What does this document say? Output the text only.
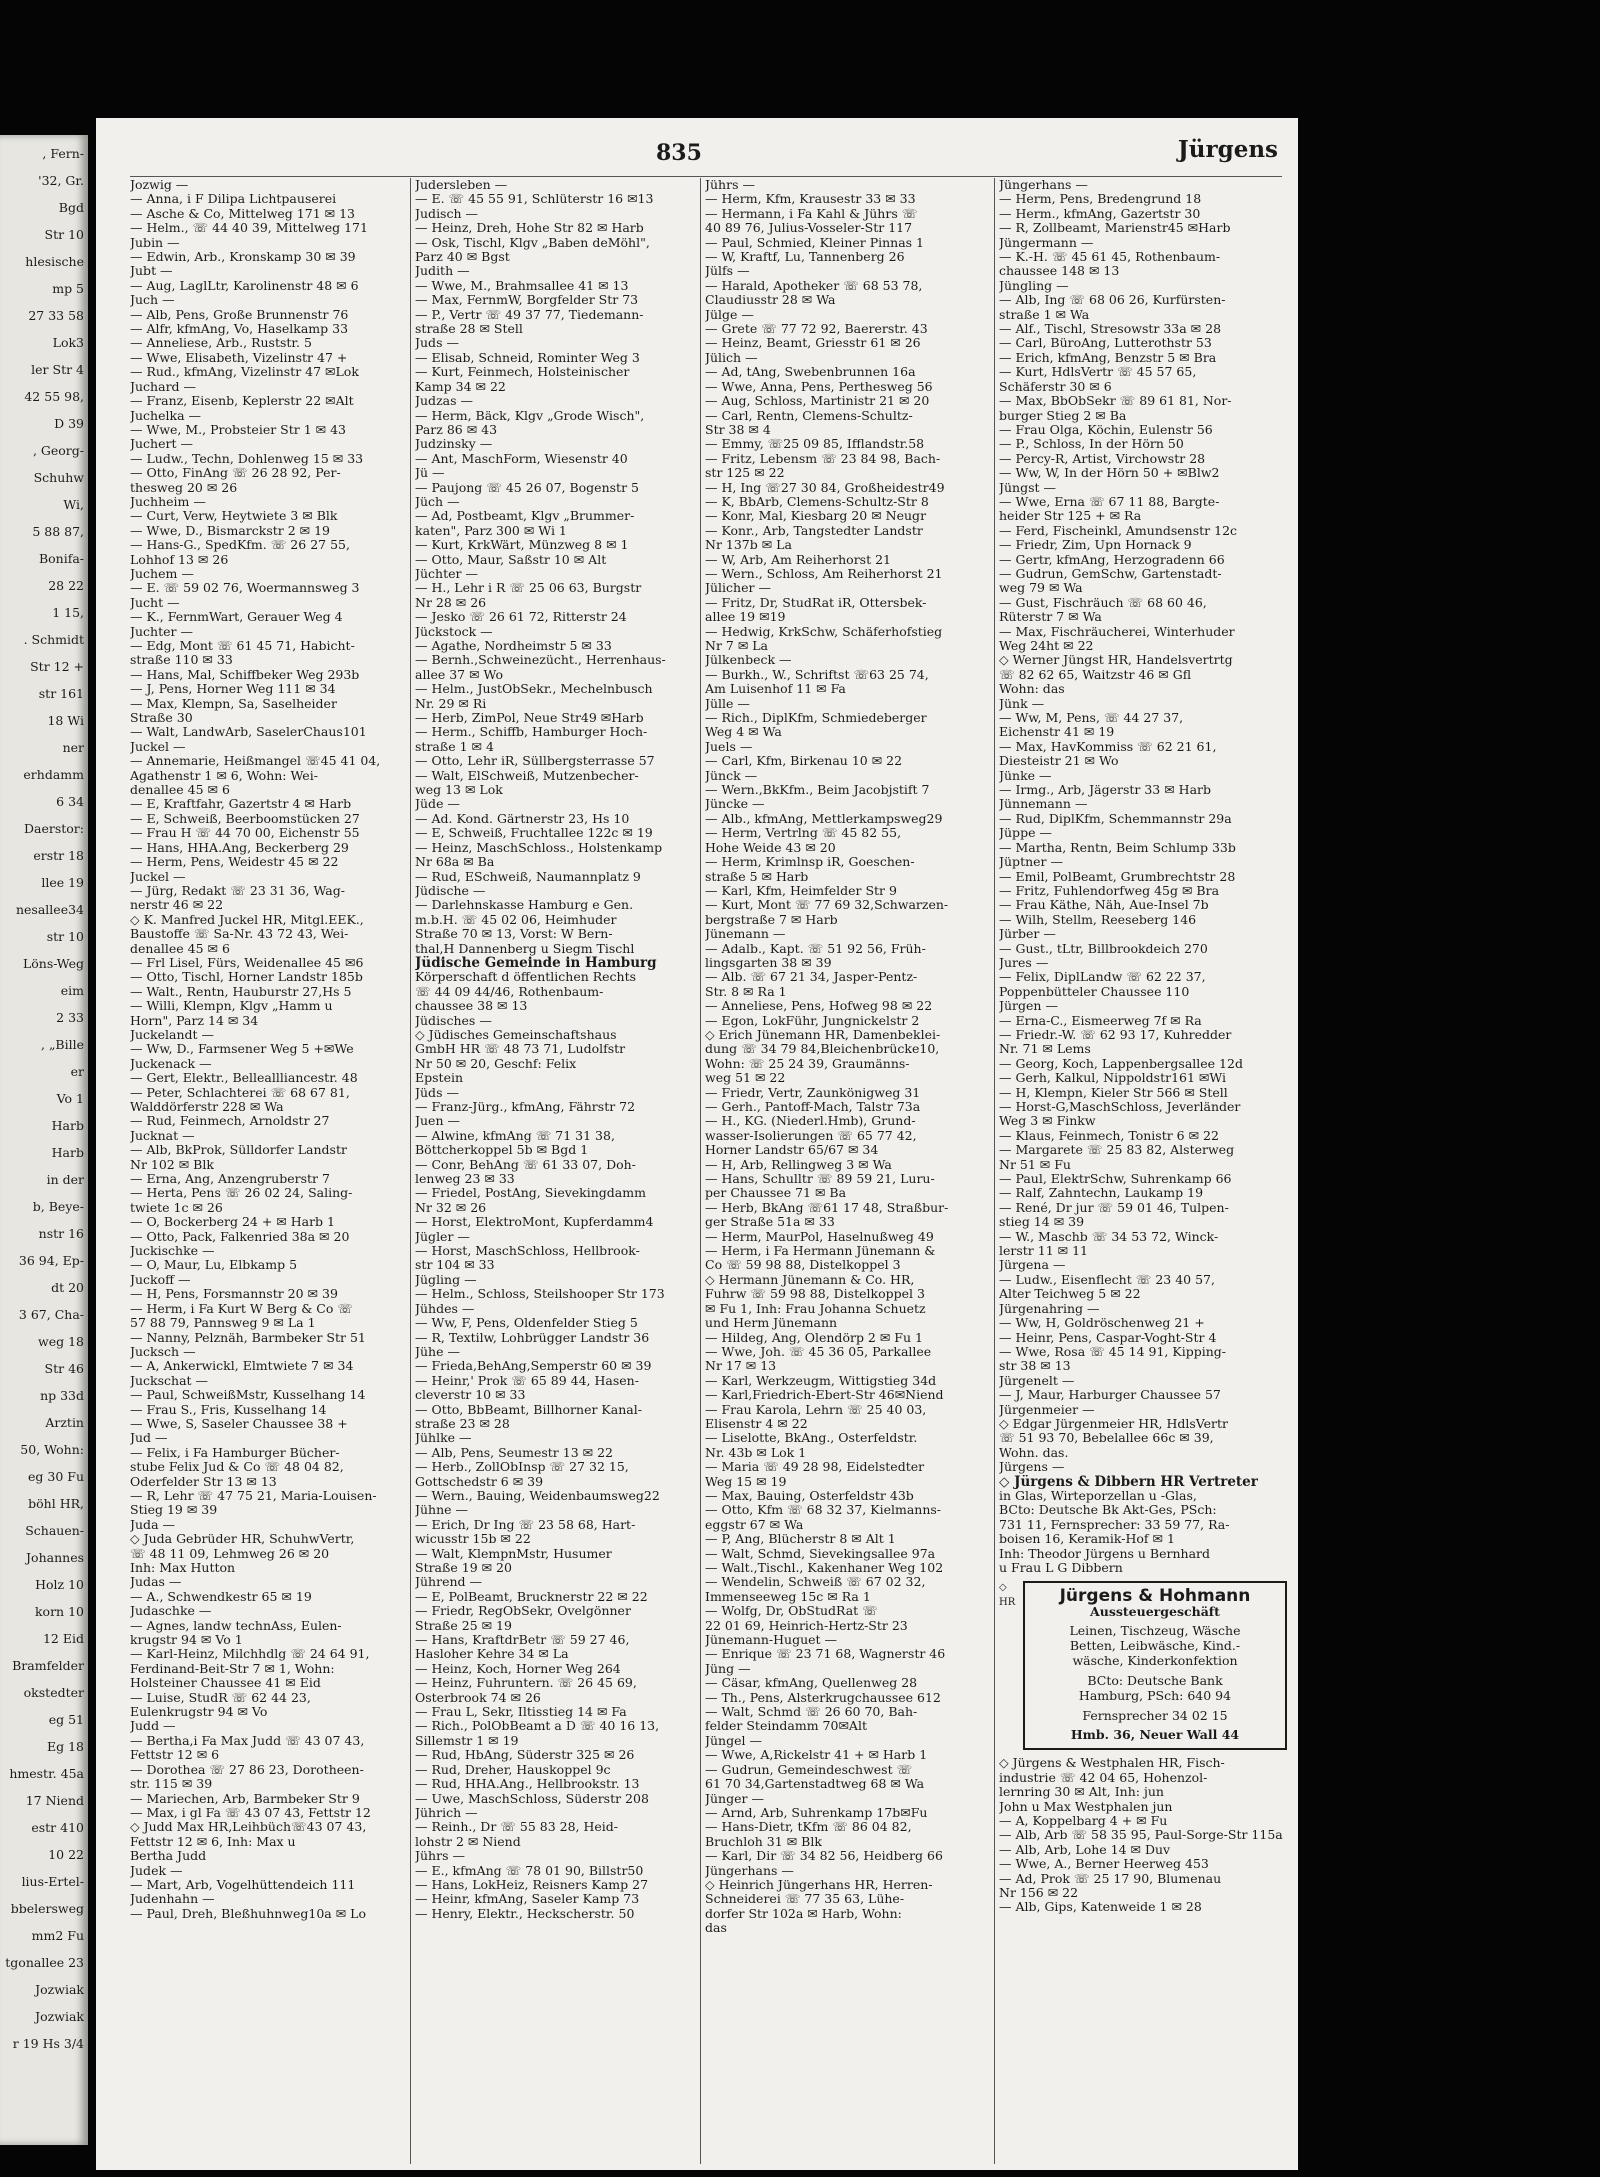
, Fern-
'32, Gr.
Bgd
Str 10
hlesische
mp 5
27 33 58
Lok3
ler Str 4
42 55 98,
D 39
, Georg-
Schuhw
Wi,
5 88 87,
Bonifa-
28 22
1 15,
. Schmidt
Str 12 +
str 161
18 Wi
ner
erhdamm
6 34
Daerstor:
erstr 18
llee 19
nesallee34
str 10
Löns-Weg
eim
2 33
, „Bille
er
Vo 1
Harb
Harb
in der
b, Beye-
nstr 16
36 94, Ep-
dt 20
3 67, Cha-
weg 18
Str 46
np 33d
Arztin
50, Wohn:
eg 30 Fu
böhl HR,
Schauen-
Johannes
Holz 10
korn 10
12 Eid
Bramfelder
okstedter
eg 51
Eg 18
hmestr. 45a
17 Niend
estr 410
10 22
lius-Ertel-
bbelersweg
mm2 Fu
tgonallee 23
Jozwiak
Jozwiak
r 19 Hs 3/4
835	Jürgens
Jozwig —
— Anna, i F Dilipa Lichtpauserei
— Asche & Co, Mittelweg 171 ✉ 13
— Helm., ☏ 44 40 39, Mittelweg 171
Jubin —
— Edwin, Arb., Kronskamp 30 ✉ 39
Jubt —
— Aug, LaglLtr, Karolinenstr 48 ✉ 6
Juch —
— Alb, Pens, Große Brunnenstr 76
— Alfr, kfmAng, Vo, Haselkamp 33
— Anneliese, Arb., Ruststr. 5
— Wwe, Elisabeth, Vizelinstr 47 +
— Rud., kfmAng, Vizelinstr 47 ✉Lok
Juchard —
— Franz, Eisenb, Keplerstr 22 ✉Alt
Juchelka —
— Wwe, M., Probsteier Str 1 ✉ 43
Juchert —
— Ludw., Techn, Dohlenweg 15 ✉ 33
— Otto, FinAng ☏ 26 28 92, Per-
thesweg 20 ✉ 26
Juchheim —
— Curt, Verw, Heytwiete 3 ✉ Blk
— Wwe, D., Bismarckstr 2 ✉ 19
— Hans-G., SpedKfm. ☏ 26 27 55,
Lohhof 13 ✉ 26
Juchem —
— E. ☏ 59 02 76, Woermannsweg 3
Jucht —
— K., FernmWart, Gerauer Weg 4
Juchter —
— Edg, Mont ☏ 61 45 71, Habicht-
straße 110 ✉ 33
— Hans, Mal, Schiffbeker Weg 293b
— J, Pens, Horner Weg 111 ✉ 34
— Max, Klempn, Sa, Saselheider
Straße 30
— Walt, LandwArb, SaselerChaus101
Juckel —
— Annemarie, Heißmangel ☏45 41 04,
Agathenstr 1 ✉ 6, Wohn: Wei-
denallee 45 ✉ 6
— E, Kraftfahr, Gazertstr 4 ✉ Harb
— E, Schweiß, Beerboomstücken 27
— Frau H ☏ 44 70 00, Eichenstr 55
— Hans, HHA.Ang, Beckerberg 29
— Herm, Pens, Weidestr 45 ✉ 22
Juckel —
— Jürg, Redakt ☏ 23 31 36, Wag-
nerstr 46 ✉ 22
◇ K. Manfred Juckel HR, Mitgl.EEK.,
Baustoffe ☏ Sa-Nr. 43 72 43, Wei-
denallee 45 ✉ 6
— Frl Lisel, Fürs, Weidenallee 45 ✉6
— Otto, Tischl, Horner Landstr 185b
— Walt., Rentn, Hauburstr 27,Hs 5
— Willi, Klempn, Klgv „Hamm u
Horn", Parz 14 ✉ 34
Juckelandt —
— Ww, D., Farmsener Weg 5 +✉We
Juckenack —
— Gert, Elektr., Belleallliancestr. 48
— Peter, Schlachterei ☏ 68 67 81,
Walddörferstr 228 ✉ Wa
— Rud, Feinmech, Arnoldstr 27
Jucknat —
— Alb, BkProk, Sülldorfer Landstr
Nr 102 ✉ Blk
— Erna, Ang, Anzengruberstr 7
— Herta, Pens ☏ 26 02 24, Saling-
twiete 1c ✉ 26
— O, Bockerberg 24 + ✉ Harb 1
— Otto, Pack, Falkenried 38a ✉ 20
Juckischke —
— O, Maur, Lu, Elbkamp 5
Juckoff —
— H, Pens, Forsmannstr 20 ✉ 39
— Herm, i Fa Kurt W Berg & Co ☏
57 88 79, Pannsweg 9 ✉ La 1
— Nanny, Pelznäh, Barmbeker Str 51
Jucksch —
— A, Ankerwickl, Elmtwiete 7 ✉ 34
Juckschat —
— Paul, SchweißMstr, Kusselhang 14
— Frau S., Fris, Kusselhang 14
— Wwe, S, Saseler Chaussee 38 +
Jud —
— Felix, i Fa Hamburger Bücher-
stube Felix Jud & Co ☏ 48 04 82,
Oderfelder Str 13 ✉ 13
— R, Lehr ☏ 47 75 21, Maria-Louisen-
Stieg 19 ✉ 39
Juda —
◇ Juda Gebrüder HR, SchuhwVertr,
☏ 48 11 09, Lehmweg 26 ✉ 20
Inh: Max Hutton
Judas —
— A., Schwendkestr 65 ✉ 19
Judaschke —
— Agnes, landw technAss, Eulen-
krugstr 94 ✉ Vo 1
— Karl-Heinz, Milchhdlg ☏ 24 64 91,
Ferdinand-Beit-Str 7 ✉ 1, Wohn:
Holsteiner Chaussee 41 ✉ Eid
— Luise, StudR ☏ 62 44 23,
Eulenkrugstr 94 ✉ Vo
Judd —
— Bertha,i Fa Max Judd ☏ 43 07 43,
Fettstr 12 ✉ 6
— Dorothea ☏ 27 86 23, Dorotheen-
str. 115 ✉ 39
— Mariechen, Arb, Barmbeker Str 9
— Max, i gl Fa ☏ 43 07 43, Fettstr 12
◇ Judd Max HR,Leihbüch☏43 07 43,
Fettstr 12 ✉ 6, Inh: Max u
Bertha Judd
Judek —
— Mart, Arb, Vogelhüttendeich 111
Judenhahn —
— Paul, Dreh, Bleßhuhnweg10a ✉ Lo
Judersleben —
— E. ☏ 45 55 91, Schlüterstr 16 ✉13
Judisch —
— Heinz, Dreh, Hohe Str 82 ✉ Harb
— Osk, Tischl, Klgv „Baben deMöhl",
Parz 40 ✉ Bgst
Judith —
— Wwe, M., Brahmsallee 41 ✉ 13
— Max, FernmW, Borgfelder Str 73
— P., Vertr ☏ 49 37 77, Tiedemann-
straße 28 ✉ Stell
Juds —
— Elisab, Schneid, Rominter Weg 3
— Kurt, Feinmech, Holsteinischer
Kamp 34 ✉ 22
Judzas —
— Herm, Bäck, Klgv „Grode Wisch",
Parz 86 ✉ 43
Judzinsky —
— Ant, MaschForm, Wiesenstr 40
Jü —
— Paujong ☏ 45 26 07, Bogenstr 5
Jüch —
— Ad, Postbeamt, Klgv „Brummer-
katen", Parz 300 ✉ Wi 1
— Kurt, KrkWärt, Münzweg 8 ✉ 1
— Otto, Maur, Saßstr 10 ✉ Alt
Jüchter —
— H., Lehr i R ☏ 25 06 63, Burgstr
Nr 28 ✉ 26
— Jesko ☏ 26 61 72, Ritterstr 24
Jückstock —
— Agathe, Nordheimstr 5 ✉ 33
— Bernh.,Schweinezücht., Herrenhaus-
allee 37 ✉ Wo
— Helm., JustObSekr., Mechelnbusch
Nr. 29 ✉ Ri
— Herb, ZimPol, Neue Str49 ✉Harb
— Herm., Schiffb, Hamburger Hoch-
straße 1 ✉ 4
— Otto, Lehr iR, Süllbergsterrasse 57
— Walt, ElSchweiß, Mutzenbecher-
weg 13 ✉ Lok
Jüde —
— Ad. Kond. Gärtnerstr 23, Hs 10
— E, Schweiß, Fruchtallee 122c ✉ 19
— Heinz, MaschSchloss., Holstenkamp
Nr 68a ✉ Ba
— Rud, ESchweiß, Naumannplatz 9
Jüdische —
— Darlehnskasse Hamburg e Gen.
m.b.H. ☏ 45 02 06, Heimhuder
Straße 70 ✉ 13, Vorst: W Bern-
thal,H Dannenberg u Siegm Tischl
Jüdische Gemeinde in Hamburg
Körperschaft d öffentlichen Rechts
☏ 44 09 44/46, Rothenbaum-
chaussee 38 ✉ 13
Jüdisches —
◇ Jüdisches Gemeinschaftshaus
GmbH HR ☏ 48 73 71, Ludolfstr
Nr 50 ✉ 20, Geschf: Felix
Epstein
Jüds —
— Franz-Jürg., kfmAng, Fährstr 72
Juen —
— Alwine, kfmAng ☏ 71 31 38,
Böttcherkoppel 5b ✉ Bgd 1
— Conr, BehAng ☏ 61 33 07, Doh-
lenweg 23 ✉ 33
— Friedel, PostAng, Sievekingdamm
Nr 32 ✉ 26
— Horst, ElektroMont, Kupferdamm4
Jügler —
— Horst, MaschSchloss, Hellbrook-
str 104 ✉ 33
Jügling —
— Helm., Schloss, Steilshooper Str 173
Jühdes —
— Ww, F, Pens, Oldenfelder Stieg 5
— R, Textilw, Lohbrügger Landstr 36
Jühe —
— Frieda,BehAng,Semperstr 60 ✉ 39
— Heinr,' Prok ☏ 65 89 44, Hasen-
cleverstr 10 ✉ 33
— Otto, BbBeamt, Billhorner Kanal-
straße 23 ✉ 28
Jühlke —
— Alb, Pens, Seumestr 13 ✉ 22
— Herb., ZollObInsp ☏ 27 32 15,
Gottschedstr 6 ✉ 39
— Wern., Bauing, Weidenbaumsweg22
Jühne —
— Erich, Dr Ing ☏ 23 58 68, Hart-
wicusstr 15b ✉ 22
— Walt, KlempnMstr, Husumer
Straße 19 ✉ 20
Jührend —
— E, PolBeamt, Brucknerstr 22 ✉ 22
— Friedr, RegObSekr, Ovelgönner
Straße 25 ✉ 19
— Hans, KraftdrBetr ☏ 59 27 46,
Hasloher Kehre 34 ✉ La
— Heinz, Koch, Horner Weg 264
— Heinz, Fuhruntern. ☏ 26 45 69,
Osterbrook 74 ✉ 26
— Frau L, Sekr, Iltisstieg 14 ✉ Fa
— Rich., PolObBeamt a D ☏ 40 16 13,
Sillemstr 1 ✉ 19
— Rud, HbAng, Süderstr 325 ✉ 26
— Rud, Dreher, Hauskoppel 9c
— Rud, HHA.Ang., Hellbrookstr. 13
— Uwe, MaschSchloss, Süderstr 208
Jührich —
— Reinh., Dr ☏ 55 83 28, Heid-
lohstr 2 ✉ Niend
Jührs —
— E., kfmAng ☏ 78 01 90, Billstr50
— Hans, LokHeiz, Reisners Kamp 27
— Heinr, kfmAng, Saseler Kamp 73
— Henry, Elektr., Heckscherstr. 50
Jührs —
— Herm, Kfm, Krausestr 33 ✉ 33
— Hermann, i Fa Kahl & Jührs ☏
40 89 76, Julius-Vosseler-Str 117
— Paul, Schmied, Kleiner Pinnas 1
— W, Kraftf, Lu, Tannenberg 26
Jülfs —
— Harald, Apotheker ☏ 68 53 78,
Claudiusstr 28 ✉ Wa
Jülge —
— Grete ☏ 77 72 92, Baererstr. 43
— Heinz, Beamt, Griesstr 61 ✉ 26
Jülich —
— Ad, tAng, Swebenbrunnen 16a
— Wwe, Anna, Pens, Perthesweg 56
— Aug, Schloss, Martinistr 21 ✉ 20
— Carl, Rentn, Clemens-Schultz-
Str 38 ✉ 4
— Emmy, ☏25 09 85, Ifflandstr.58
— Fritz, Lebensm ☏ 23 84 98, Bach-
str 125 ✉ 22
— H, Ing ☏27 30 84, Großheidestr49
— K, BbArb, Clemens-Schultz-Str 8
— Konr, Mal, Kiesbarg 20 ✉ Neugr
— Konr., Arb, Tangstedter Landstr
Nr 137b ✉ La
— W, Arb, Am Reiherhorst 21
— Wern., Schloss, Am Reiherhorst 21
Jülicher —
— Fritz, Dr, StudRat iR, Ottersbek-
allee 19 ✉19
— Hedwig, KrkSchw, Schäferhofstieg
Nr 7 ✉ La
Jülkenbeck —
— Burkh., W., Schriftst ☏63 25 74,
Am Luisenhof 11 ✉ Fa
Jülle —
— Rich., DiplKfm, Schmiedeberger
Weg 4 ✉ Wa
Juels —
— Carl, Kfm, Birkenau 10 ✉ 22
Jünck —
— Wern.,BkKfm., Beim Jacobjstift 7
Jüncke —
— Alb., kfmAng, Mettlerkampsweg29
— Herm, Vertrlng ☏ 45 82 55,
Hohe Weide 43 ✉ 20
— Herm, Krimlnsp iR, Goeschen-
straße 5 ✉ Harb
— Karl, Kfm, Heimfelder Str 9
— Kurt, Mont ☏ 77 69 32,Schwarzen-
bergstraße 7 ✉ Harb
Jünemann —
— Adalb., Kapt. ☏ 51 92 56, Früh-
lingsgarten 38 ✉ 39
— Alb. ☏ 67 21 34, Jasper-Pentz-
Str. 8 ✉ Ra 1
— Anneliese, Pens, Hofweg 98 ✉ 22
— Egon, LokFühr, Jungnickelstr 2
◇ Erich Jünemann HR, Damenbeklei-
dung ☏ 34 79 84,Bleichenbrücke10,
Wohn: ☏ 25 24 39, Graumänns-
weg 51 ✉ 22
— Friedr, Vertr, Zaunkönigweg 31
— Gerh., Pantoff-Mach, Talstr 73a
— H., KG. (Niederl.Hmb), Grund-
wasser-Isolierungen ☏ 65 77 42,
Horner Landstr 65/67 ✉ 34
— H, Arb, Rellingweg 3 ✉ Wa
— Hans, Schulltr ☏ 89 59 21, Luru-
per Chaussee 71 ✉ Ba
— Herb, BkAng ☏61 17 48, Straßbur-
ger Straße 51a ✉ 33
— Herm, MaurPol, Haselnußweg 49
— Herm, i Fa Hermann Jünemann &
Co ☏ 59 98 88, Distelkoppel 3
◇ Hermann Jünemann & Co. HR,
Fuhrw ☏ 59 98 88, Distelkoppel 3
✉ Fu 1, Inh: Frau Johanna Schuetz
und Herm Jünemann
— Hildeg, Ang, Olendörp 2 ✉ Fu 1
— Wwe, Joh. ☏ 45 36 05, Parkallee
Nr 17 ✉ 13
— Karl, Werkzeugm, Wittigstieg 34d
— Karl,Friedrich-Ebert-Str 46✉Niend
— Frau Karola, Lehrn ☏ 25 40 03,
Elisenstr 4 ✉ 22
— Liselotte, BkAng., Osterfeldstr.
Nr. 43b ✉ Lok 1
— Maria ☏ 49 28 98, Eidelstedter
Weg 15 ✉ 19
— Max, Bauing, Osterfeldstr 43b
— Otto, Kfm ☏ 68 32 37, Kielmanns-
eggstr 67 ✉ Wa
— P, Ang, Blücherstr 8 ✉ Alt 1
— Walt, Schmd, Sievekingsallee 97a
— Walt.,Tischl., Kakenhaner Weg 102
— Wendelin, Schweiß ☏ 67 02 32,
Immenseeweg 15c ✉ Ra 1
— Wolfg, Dr, ObStudRat ☏
22 01 69, Heinrich-Hertz-Str 23
Jünemann-Huguet —
— Enrique ☏ 23 71 68, Wagnerstr 46
Jüng —
— Cäsar, kfmAng, Quellenweg 28
— Th., Pens, Alsterkrugchaussee 612
— Walt, Schmd ☏ 26 60 70, Bah-
felder Steindamm 70✉Alt
Jüngel —
— Wwe, A,Rickelstr 41 + ✉ Harb 1
— Gudrun, Gemeindeschwest ☏
61 70 34,Gartenstadtweg 68 ✉ Wa
Jünger —
— Arnd, Arb, Suhrenkamp 17b✉Fu
— Hans-Dietr, tKfm ☏ 86 04 82,
Bruchloh 31 ✉ Blk
— Karl, Dir ☏ 34 82 56, Heidberg 66
Jüngerhans —
◇ Heinrich Jüngerhans HR, Herren-
Schneiderei ☏ 77 35 63, Lühe-
dorfer Str 102a ✉ Harb, Wohn:
das
Jüngerhans —
— Herm, Pens, Bredengrund 18
— Herm., kfmAng, Gazertstr 30
— R, Zollbeamt, Marienstr45 ✉Harb
Jüngermann —
— K.-H. ☏ 45 61 45, Rothenbaum-
chaussee 148 ✉ 13
Jüngling —
— Alb, Ing ☏ 68 06 26, Kurfürsten-
straße 1 ✉ Wa
— Alf., Tischl, Stresowstr 33a ✉ 28
— Carl, BüroAng, Lutterothstr 53
— Erich, kfmAng, Benzstr 5 ✉ Bra
— Kurt, HdlsVertr ☏ 45 57 65,
Schäferstr 30 ✉ 6
— Max, BbObSekr ☏ 89 61 81, Nor-
burger Stieg 2 ✉ Ba
— Frau Olga, Köchin, Eulenstr 56
— P., Schloss, In der Hörn 50
— Percy-R, Artist, Virchowstr 28
— Ww, W, In der Hörn 50 + ✉Blw2
Jüngst —
— Wwe, Erna ☏ 67 11 88, Bargte-
heider Str 125 + ✉ Ra
— Ferd, Fischeinkl, Amundsenstr 12c
— Friedr, Zim, Upn Hornack 9
— Gertr, kfmAng, Herzogradenn 66
— Gudrun, GemSchw, Gartenstadt-
weg 79 ✉ Wa
— Gust, Fischräuch ☏ 68 60 46,
Rüterstr 7 ✉ Wa
— Max, Fischräucherei, Winterhuder
Weg 24ht ✉ 22
◇ Werner Jüngst HR, Handelsvertrtg
☏ 82 62 65, Waitzstr 46 ✉ Gfl
Wohn: das
Jünk —
— Ww, M, Pens, ☏ 44 27 37,
Eichenstr 41 ✉ 19
— Max, HavKommiss ☏ 62 21 61,
Diesteistr 21 ✉ Wo
Jünke —
— Irmg., Arb, Jägerstr 33 ✉ Harb
Jünnemann —
— Rud, DiplKfm, Schemmannstr 29a
Jüppe —
— Martha, Rentn, Beim Schlump 33b
Jüptner —
— Emil, PolBeamt, Grumbrechtstr 28
— Fritz, Fuhlendorfweg 45g ✉ Bra
— Frau Käthe, Näh, Aue-Insel 7b
— Wilh, Stellm, Reeseberg 146
Jürber —
— Gust., tLtr, Billbrookdeich 270
Jures —
— Felix, DiplLandw ☏ 62 22 37,
Poppenbütteler Chaussee 110
Jürgen —
— Erna-C., Eismeerweg 7f ✉ Ra
— Friedr.-W. ☏ 62 93 17, Kuhredder
Nr. 71 ✉ Lems
— Georg, Koch, Lappenbergsallee 12d
— Gerh, Kalkul, Nippoldstr161 ✉Wi
— H, Klempn, Kieler Str 566 ✉ Stell
— Horst-G,MaschSchloss, Jeverländer
Weg 3 ✉ Finkw
— Klaus, Feinmech, Tonistr 6 ✉ 22
— Margarete ☏ 25 83 82, Alsterweg
Nr 51 ✉ Fu
— Paul, ElektrSchw, Suhrenkamp 66
— Ralf, Zahntechn, Laukamp 19
— René, Dr jur ☏ 59 01 46, Tulpen-
stieg 14 ✉ 39
— W., Maschb ☏ 34 53 72, Winck-
lerstr 11 ✉ 11
Jürgena —
— Ludw., Eisenflecht ☏ 23 40 57,
Alter Teichweg 5 ✉ 22
Jürgenahring —
— Ww, H, Goldröschenweg 21 +
— Heinr, Pens, Caspar-Voght-Str 4
— Wwe, Rosa ☏ 45 14 91, Kipping-
str 38 ✉ 13
Jürgenelt —
— J, Maur, Harburger Chaussee 57
Jürgenmeier —
◇ Edgar Jürgenmeier HR, HdlsVertr
☏ 51 93 70, Bebelallee 66c ✉ 39,
Wohn. das.
Jürgens —
◇ Jürgens & Dibbern HR Vertreter
in Glas, Wirteporzellan u -Glas,
BCto: Deutsche Bk Akt-Ges, PSch:
731 11, Fernsprecher: 33 59 77, Ra-
boisen 16, Keramik-Hof ✉ 1
Inh: Theodor Jürgens u Bernhard
u Frau L G Dibbern
◇
HR	Jürgens & Hohmann
Aussteuergeschäft
Leinen, Tischzeug, Wäsche
Betten, Leibwäsche, Kind.-
wäsche, Kinderkonfektion
BCto: Deutsche Bank
Hamburg, PSch: 640 94
Fernsprecher 34 02 15
Hmb. 36, Neuer Wall 44
◇ Jürgens & Westphalen HR, Fisch-
industrie ☏ 42 04 65, Hohenzol-
lernring 30 ✉ Alt, Inh: jun
John u Max Westphalen jun
— A, Koppelbarg 4 + ✉ Fu
— Alb, Arb ☏ 58 35 95, Paul-Sorge-Str 115a
— Alb, Arb, Lohe 14 ✉ Duv
— Wwe, A., Berner Heerweg 453
— Ad, Prok ☏ 25 17 90, Blumenau
Nr 156 ✉ 22
— Alb, Gips, Katenweide 1 ✉ 28
